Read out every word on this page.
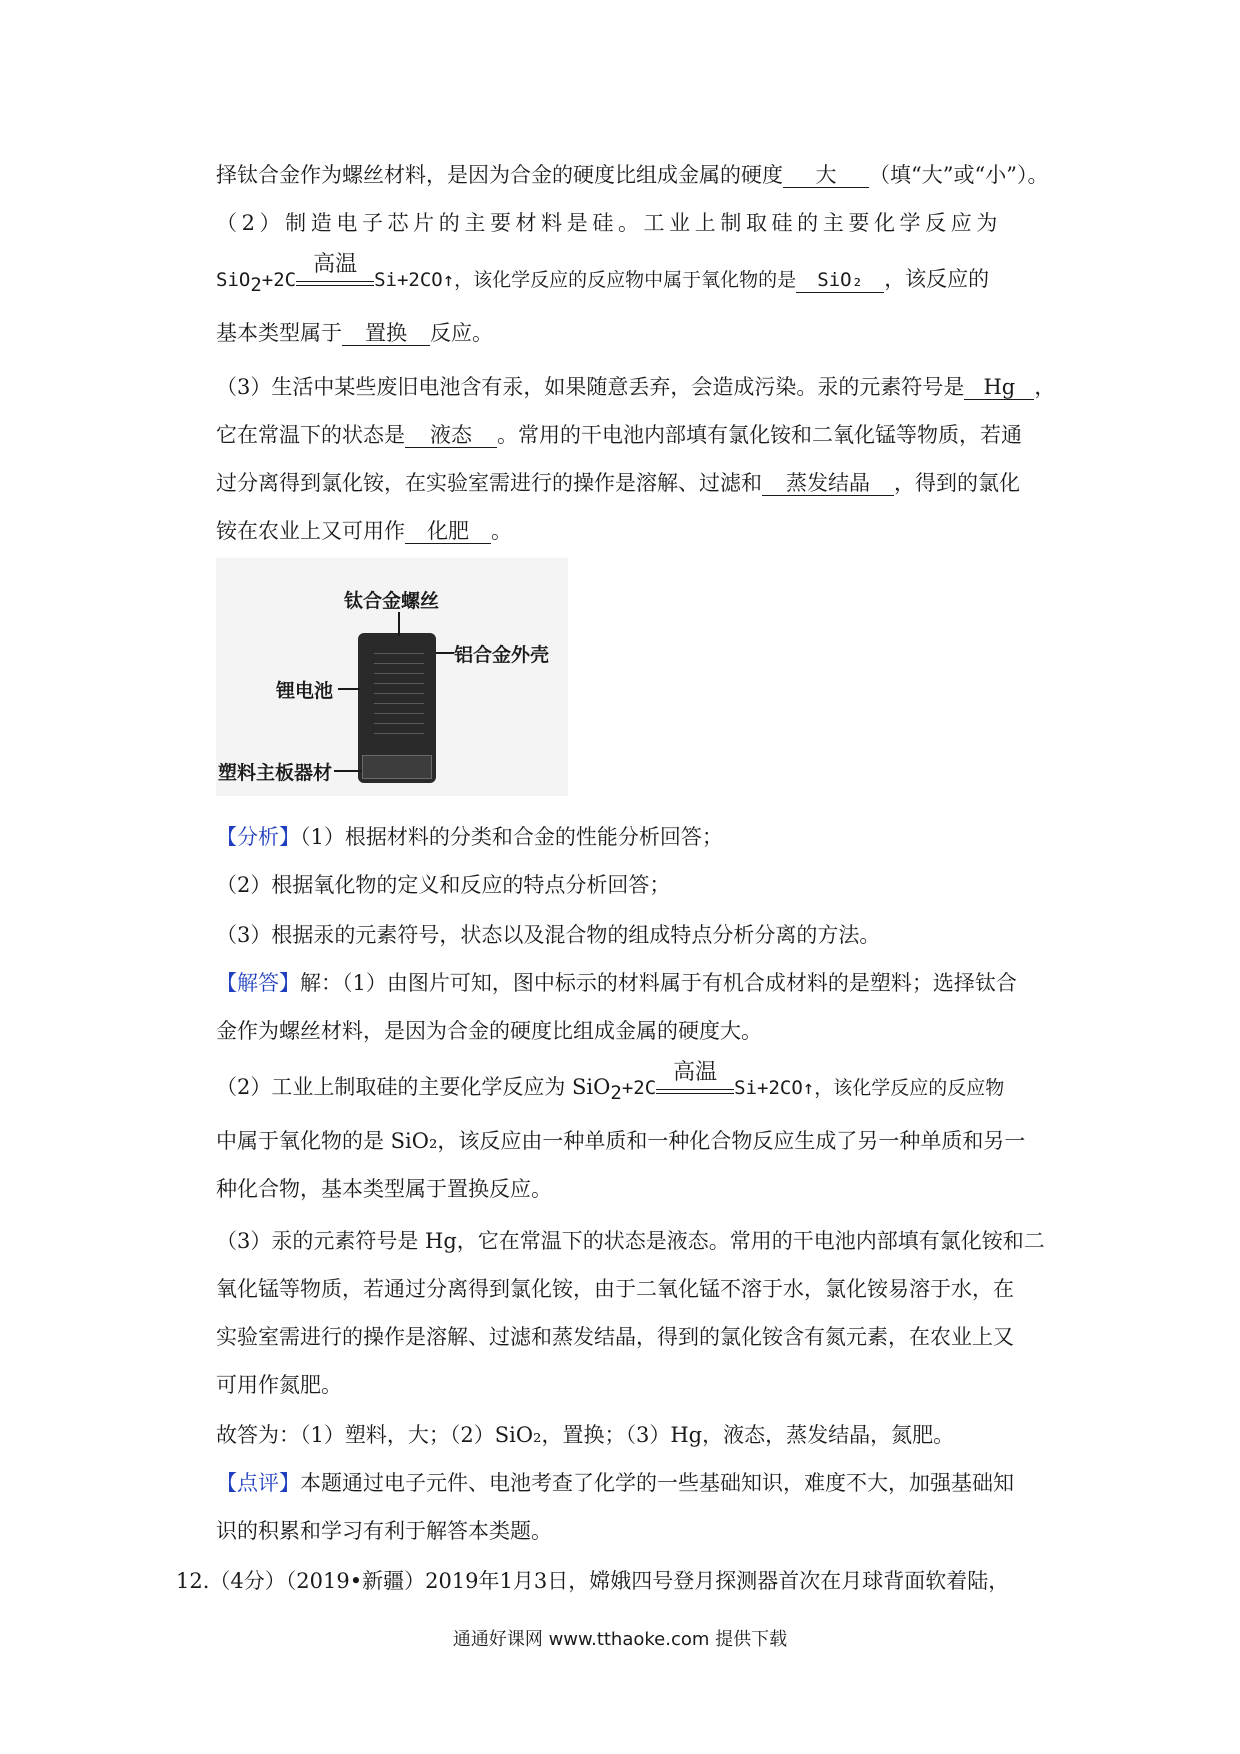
择钛合金作为螺丝材料，是因为合金的硬度比组成金属的硬度 大 （填“大”或“小”）。
（2）制造电子芯片的主要材料是硅。工业上制取硅的主要化学反应为
SiO$_2$+2C
高温
Si+2CO↑，该化学反应的反应物中属于氧化物的是 SiO₂ ，该反应的
基本类型属于 置换 反应。
（3）生活中某些废旧电池含有汞，如果随意丢弃，会造成污染。汞的元素符号是 Hg ，
它在常温下的状态是 液态 。常用的干电池内部填有氯化铵和二氧化锰等物质，若通
过分离得到氯化铵，在实验室需进行的操作是溶解、过滤和 蒸发结晶 ，得到的氯化
铵在农业上又可用作 化肥 。
钛合金螺丝
铝合金外壳
锂电池
塑料主板器材
【分析】（1）根据材料的分类和合金的性能分析回答；
（2）根据氧化物的定义和反应的特点分析回答；
（3）根据汞的元素符号，状态以及混合物的组成特点分析分离的方法。
【解答】解：（1）由图片可知，图中标示的材料属于有机合成材料的是塑料；选择钛合
金作为螺丝材料，是因为合金的硬度比组成金属的硬度大。
（2）工业上制取硅的主要化学反应为 SiO$_2$+2C
高温
Si+2CO↑，该化学反应的反应物
中属于氧化物的是 SiO₂，该反应由一种单质和一种化合物反应生成了另一种单质和另一
种化合物，基本类型属于置换反应。
（3）汞的元素符号是 Hg，它在常温下的状态是液态。常用的干电池内部填有氯化铵和二
氧化锰等物质，若通过分离得到氯化铵，由于二氧化锰不溶于水，氯化铵易溶于水，在
实验室需进行的操作是溶解、过滤和蒸发结晶，得到的氯化铵含有氮元素，在农业上又
可用作氮肥。
故答为：（1）塑料，大；（2）SiO₂，置换；（3）Hg，液态，蒸发结晶，氮肥。
【点评】本题通过电子元件、电池考查了化学的一些基础知识，难度不大，加强基础知
识的积累和学习有利于解答本类题。
12.（4分）（2019•新疆）2019年1月3日，嫦娥四号登月探测器首次在月球背面软着陆，
通通好课网 www.tthaoke.com 提供下载
